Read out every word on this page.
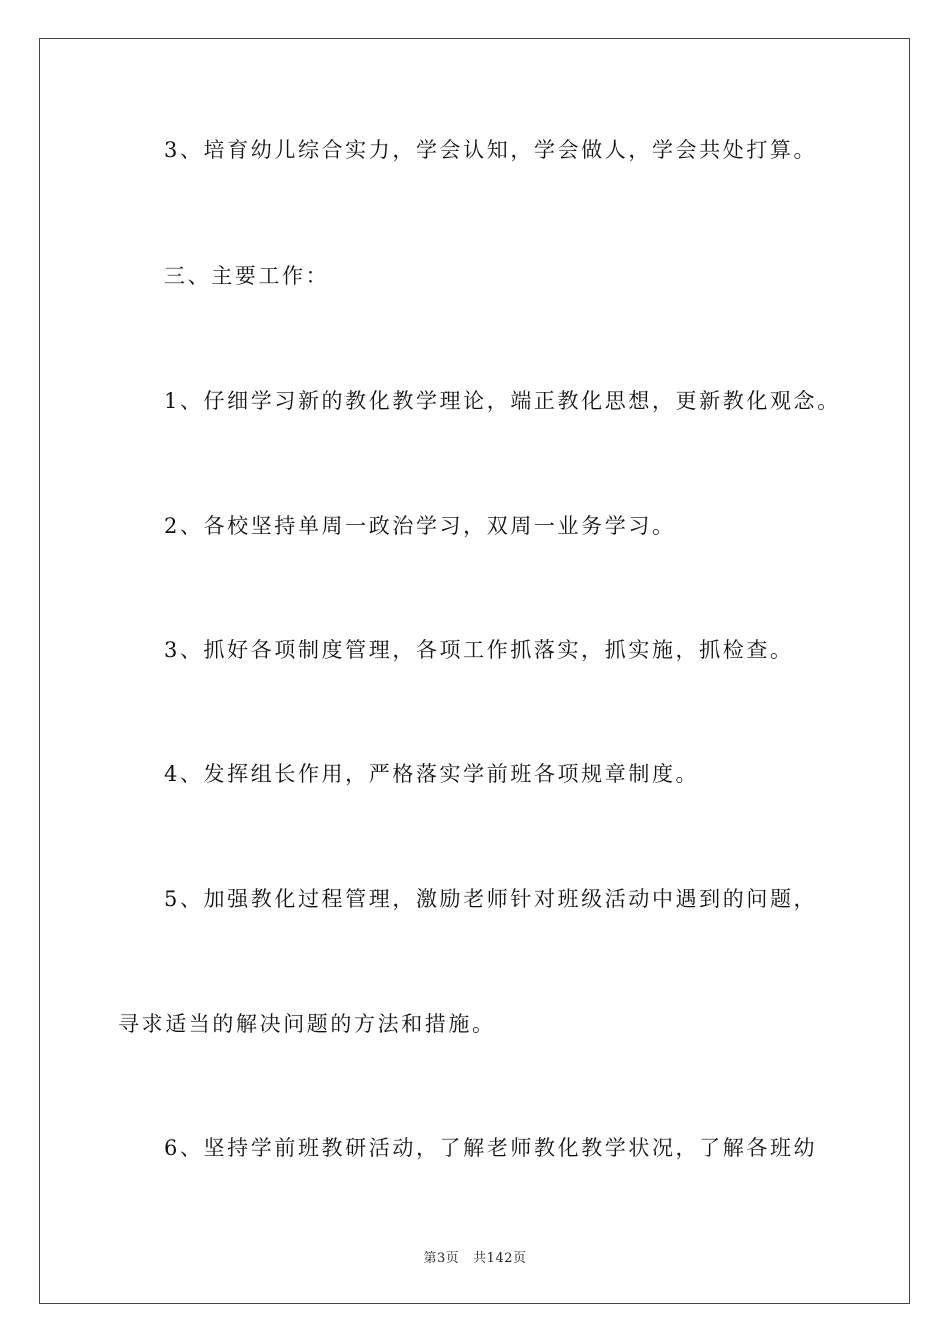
3、培育幼儿综合实力，学会认知，学会做人，学会共处打算。
三、主要工作：
1、仔细学习新的教化教学理论，端正教化思想，更新教化观念。
2、各校坚持单周一政治学习，双周一业务学习。
3、抓好各项制度管理，各项工作抓落实，抓实施，抓检查。
4、发挥组长作用，严格落实学前班各项规章制度。
5、加强教化过程管理，激励老师针对班级活动中遇到的问题，
寻求适当的解决问题的方法和措施。
6、坚持学前班教研活动，了解老师教化教学状况，了解各班幼
第3页   共142页
